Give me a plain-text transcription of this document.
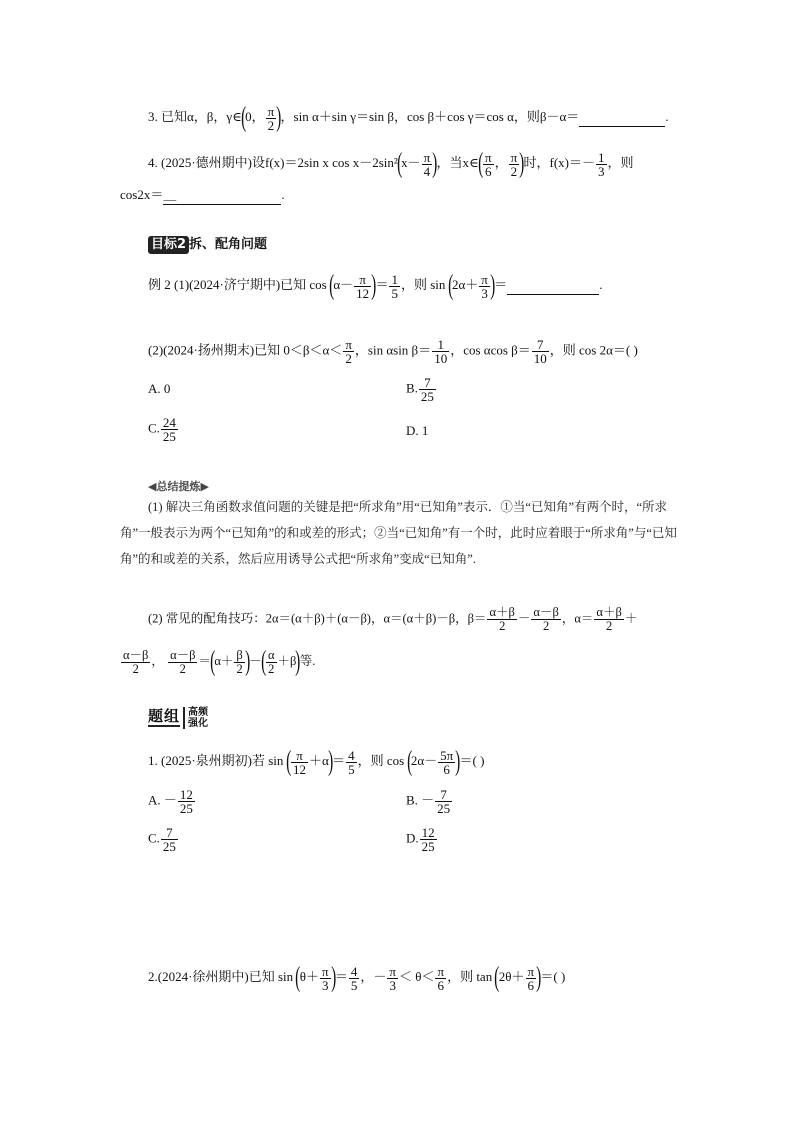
3. 已知α，β，γ∈(0， $\frac{\pi}{2}$ )，sin α＋sin γ＝sin β，cos β＋cos γ＝cos α，则β－α＝	.
4. (2025·德州期中)设f(x)＝2sin x $\cos x-2\sin^2(x- \frac{\pi}{4}$ )，当x∈( $\frac{\pi}{6}$ ， $\frac{\pi}{2}$ )时，$f(x)=- \frac{1}{3}$ ，则
cos2x＝＿	.
目标2 拆、配角问题
例 2 (1)(2024·济宁期中)已知 $\cos (\alpha- \frac{\pi}{12}$ )＝ $\frac{1}{5}$ ，则 $\sin (2\alpha+ \frac{\pi}{3}$ )＝	.
(2)(2024·扬州期末)已知 $0<\beta<\alpha< \frac{\pi}{2}$ ，sin αsin $\beta= \frac{1}{10}$ ，cos αcos $\beta= \frac{7}{10}$ ，则 cos 2α＝( )
A. 0	B. $\frac{7}{25}$
C. $\frac{24}{25}$	D. 1
◀总结提炼▶
(1) 解决三角函数求值问题的关键是把“所求角”用“已知角”表示．①当“已知角”有两个时，“所求角”一般表示为两个“已知角”的和或差的形式；②当“已知角”有一个时，此时应着眼于“所求角”与“已知角”的和或差的关系，然后应用诱导公式把“所求角”变成“已知角”.
(2) 常见的配角技巧：2α＝(α＋β)＋(α－β)，α＝(α＋β)－β，$\beta= \frac{\alpha+\beta}{2} - \frac{\alpha-\beta}{2}$ ，$\alpha= \frac{\alpha+\beta}{2}$ ＋
$\frac{\alpha-\beta}{2}$ ， $\frac{\alpha-\beta}{2} =(\alpha+ \frac{\beta}{2}$ )－( $\frac{\alpha}{2} +\beta$)等.
题组 高频
强化
1. (2025·泉州期初)若 sin ( $\frac{\pi}{12} +\alpha)= \frac{4}{5}$ ，则 $\cos (2\alpha- \frac{5\pi}{6}$ )＝( )
A. － $\frac{12}{25}$	B. － $\frac{7}{25}$
C. $\frac{7}{25}$	D. $\frac{12}{25}$
2.(2024·徐州期中)已知 $\sin (\theta+ \frac{\pi}{3}$ )＝ $\frac{4}{5}$ ，－ $\frac{\pi}{3} < \theta< \frac{\pi}{6}$ ，则 $\tan (2\theta+ \frac{\pi}{6}$ )＝( )
